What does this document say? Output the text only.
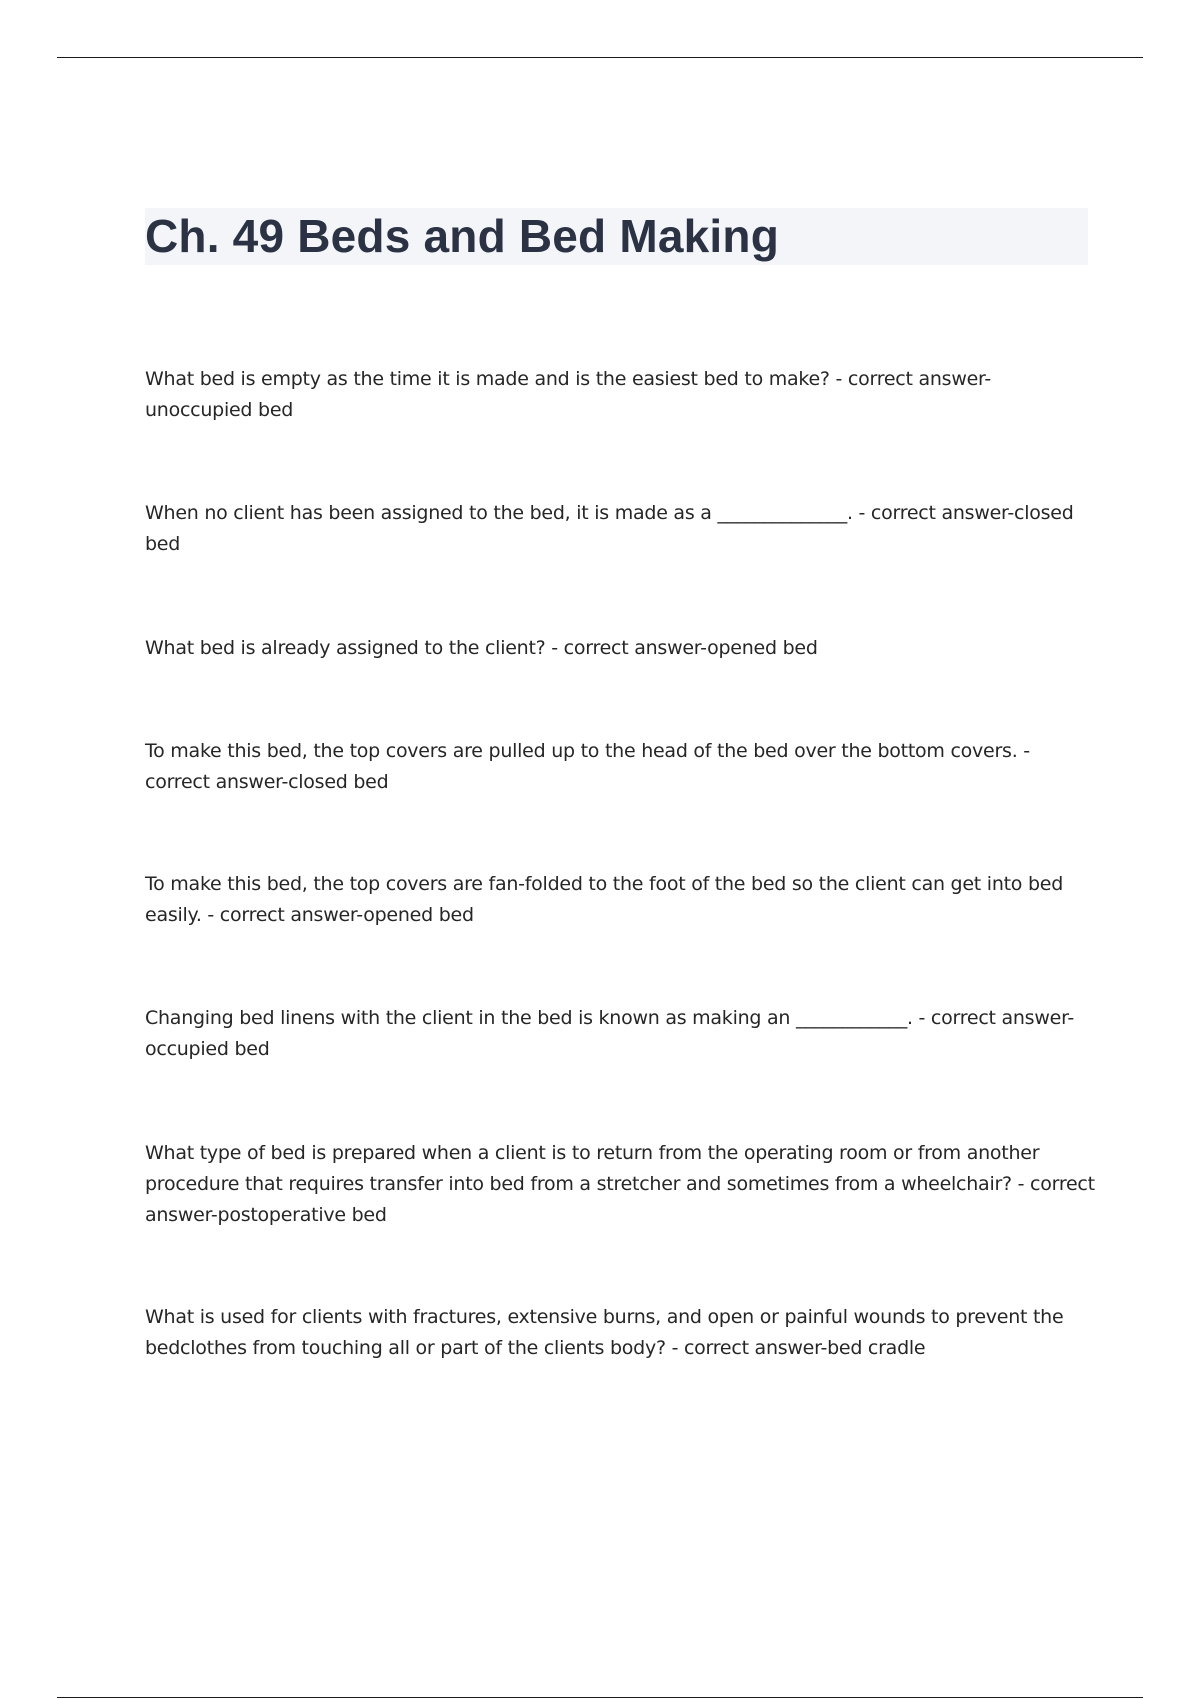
Ch. 49 Beds and Bed Making

What bed is empty as the time it is made and is the easiest bed to make? - correct answer-unoccupied bed

When no client has been assigned to the bed, it is made as a ______________. - correct answer-closed bed

What bed is already assigned to the client? - correct answer-opened bed

To make this bed, the top covers are pulled up to the head of the bed over the bottom covers. - correct answer-closed bed

To make this bed, the top covers are fan-folded to the foot of the bed so the client can get into bed easily. - correct answer-opened bed

Changing bed linens with the client in the bed is known as making an ____________. - correct answer-occupied bed

What type of bed is prepared when a client is to return from the operating room or from another procedure that requires transfer into bed from a stretcher and sometimes from a wheelchair? - correct answer-postoperative bed

What is used for clients with fractures, extensive burns, and open or painful wounds to prevent the bedclothes from touching all or part of the clients body? - correct answer-bed cradle
